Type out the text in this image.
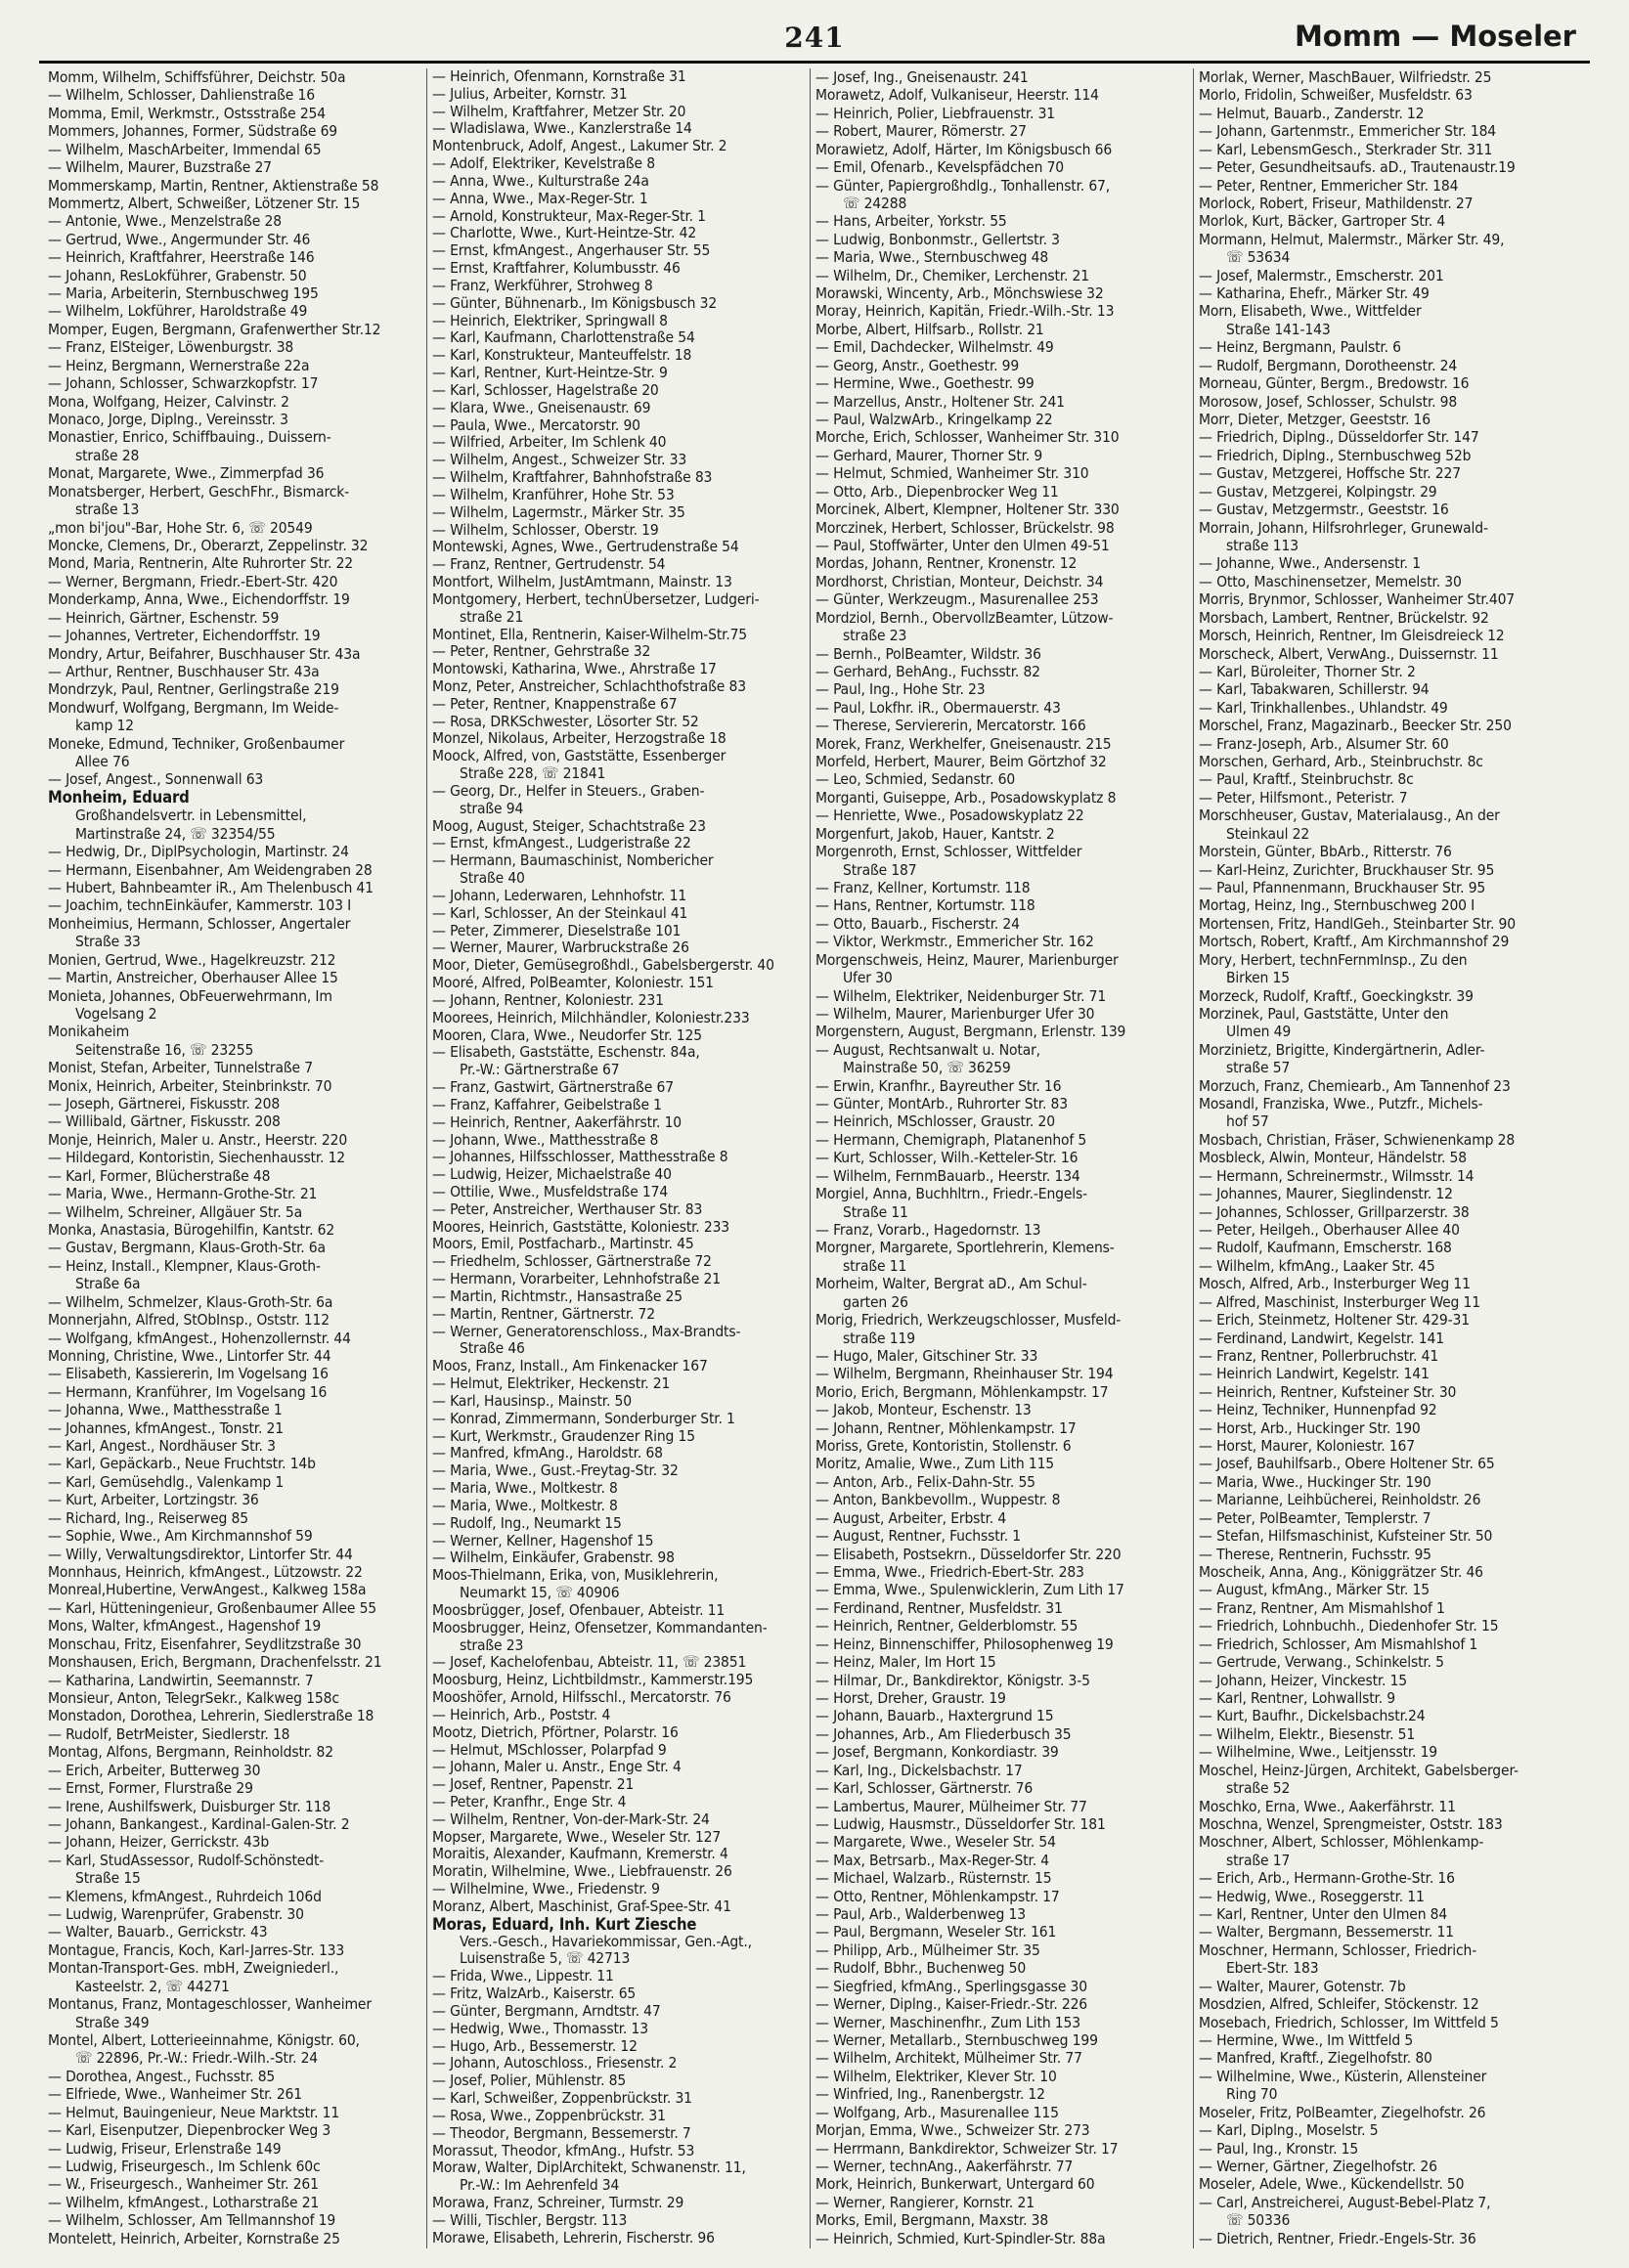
241	Momm — Moseler
Momm, Wilhelm, Schiffsführer, Deichstr. 50a
— Wilhelm, Schlosser, Dahlienstraße 16
Momma, Emil, Werkmstr., Ostsstraße 254
Mommers, Johannes, Former, Südstraße 69
— Wilhelm, MaschArbeiter, Immendal 65
— Wilhelm, Maurer, Buzstraße 27
Mommerskamp, Martin, Rentner, Aktienstraße 58
Mommertz, Albert, Schweißer, Lötzener Str. 15
— Antonie, Wwe., Menzelstraße 28
— Gertrud, Wwe., Angermunder Str. 46
— Heinrich, Kraftfahrer, Heerstraße 146
— Johann, ResLokführer, Grabenstr. 50
— Maria, Arbeiterin, Sternbuschweg 195
— Wilhelm, Lokführer, Haroldstraße 49
Momper, Eugen, Bergmann, Grafenwerther Str.12
— Franz, ElSteiger, Löwenburgstr. 38
— Heinz, Bergmann, Wernerstraße 22a
— Johann, Schlosser, Schwarzkopfstr. 17
Mona, Wolfgang, Heizer, Calvinstr. 2
Monaco, Jorge, Diplng., Vereinsstr. 3
Monastier, Enrico, Schiffbauing., Duissern-
straße 28
Monat, Margarete, Wwe., Zimmerpfad 36
Monatsberger, Herbert, GeschFhr., Bismarck-
straße 13
„mon bi'jou"-Bar, Hohe Str. 6, ☏ 20549
Moncke, Clemens, Dr., Oberarzt, Zeppelinstr. 32
Mond, Maria, Rentnerin, Alte Ruhrorter Str. 22
— Werner, Bergmann, Friedr.-Ebert-Str. 420
Monderkamp, Anna, Wwe., Eichendorffstr. 19
— Heinrich, Gärtner, Eschenstr. 59
— Johannes, Vertreter, Eichendorffstr. 19
Mondry, Artur, Beifahrer, Buschhauser Str. 43a
— Arthur, Rentner, Buschhauser Str. 43a
Mondrzyk, Paul, Rentner, Gerlingstraße 219
Mondwurf, Wolfgang, Bergmann, Im Weide-
kamp 12
Moneke, Edmund, Techniker, Großenbaumer
Allee 76
— Josef, Angest., Sonnenwall 63
Monheim, Eduard
Großhandelsvertr. in Lebensmittel,
Martinstraße 24, ☏ 32354/55
— Hedwig, Dr., DiplPsychologin, Martinstr. 24
— Hermann, Eisenbahner, Am Weidengraben 28
— Hubert, Bahnbeamter iR., Am Thelenbusch 41
— Joachim, technEinkäufer, Kammerstr. 103 I
Monheimius, Hermann, Schlosser, Angertaler
Straße 33
Monien, Gertrud, Wwe., Hagelkreuzstr. 212
— Martin, Anstreicher, Oberhauser Allee 15
Monieta, Johannes, ObFeuerwehrmann, Im
Vogelsang 2
Monikaheim
Seitenstraße 16, ☏ 23255
Monist, Stefan, Arbeiter, Tunnelstraße 7
Monix, Heinrich, Arbeiter, Steinbrinkstr. 70
— Joseph, Gärtnerei, Fiskusstr. 208
— Willibald, Gärtner, Fiskusstr. 208
Monje, Heinrich, Maler u. Anstr., Heerstr. 220
— Hildegard, Kontoristin, Siechenhausstr. 12
— Karl, Former, Blücherstraße 48
— Maria, Wwe., Hermann-Grothe-Str. 21
— Wilhelm, Schreiner, Allgäuer Str. 5a
Monka, Anastasia, Bürogehilfin, Kantstr. 62
— Gustav, Bergmann, Klaus-Groth-Str. 6a
— Heinz, Install., Klempner, Klaus-Groth-
Straße 6a
— Wilhelm, Schmelzer, Klaus-Groth-Str. 6a
Monnerjahn, Alfred, StObInsp., Oststr. 112
— Wolfgang, kfmAngest., Hohenzollernstr. 44
Monning, Christine, Wwe., Lintorfer Str. 44
— Elisabeth, Kassiererin, Im Vogelsang 16
— Hermann, Kranführer, Im Vogelsang 16
— Johanna, Wwe., Matthesstraße 1
— Johannes, kfmAngest., Tonstr. 21
— Karl, Angest., Nordhäuser Str. 3
— Karl, Gepäckarb., Neue Fruchtstr. 14b
— Karl, Gemüsehdlg., Valenkamp 1
— Kurt, Arbeiter, Lortzingstr. 36
— Richard, Ing., Reiserweg 85
— Sophie, Wwe., Am Kirchmannshof 59
— Willy, Verwaltungsdirektor, Lintorfer Str. 44
Monnhaus, Heinrich, kfmAngest., Lützowstr. 22
Monreal,Hubertine, VerwAngest., Kalkweg 158a
— Karl, Hütteningenieur, Großenbaumer Allee 55
Mons, Walter, kfmAngest., Hagenshof 19
Monschau, Fritz, Eisenfahrer, Seydlitzstraße 30
Monshausen, Erich, Bergmann, Drachenfelsstr. 21
— Katharina, Landwirtin, Seemannstr. 7
Monsieur, Anton, TelegrSekr., Kalkweg 158c
Monstadon, Dorothea, Lehrerin, Siedlerstraße 18
— Rudolf, BetrMeister, Siedlerstr. 18
Montag, Alfons, Bergmann, Reinholdstr. 82
— Erich, Arbeiter, Butterweg 30
— Ernst, Former, Flurstraße 29
— Irene, Aushilfswerk, Duisburger Str. 118
— Johann, Bankangest., Kardinal-Galen-Str. 2
— Johann, Heizer, Gerrickstr. 43b
— Karl, StudAssessor, Rudolf-Schönstedt-
Straße 15
— Klemens, kfmAngest., Ruhrdeich 106d
— Ludwig, Warenprüfer, Grabenstr. 30
— Walter, Bauarb., Gerrickstr. 43
Montague, Francis, Koch, Karl-Jarres-Str. 133
Montan-Transport-Ges. mbH, Zweigniederl.,
Kasteelstr. 2, ☏ 44271
Montanus, Franz, Montageschlosser, Wanheimer
Straße 349
Montel, Albert, Lotterieeinnahme, Königstr. 60,
☏ 22896, Pr.-W.: Friedr.-Wilh.-Str. 24
— Dorothea, Angest., Fuchsstr. 85
— Elfriede, Wwe., Wanheimer Str. 261
— Helmut, Bauingenieur, Neue Marktstr. 11
— Karl, Eisenputzer, Diepenbrocker Weg 3
— Ludwig, Friseur, Erlenstraße 149
— Ludwig, Friseurgesch., Im Schlenk 60c
— W., Friseurgesch., Wanheimer Str. 261
— Wilhelm, kfmAngest., Lotharstraße 21
— Wilhelm, Schlosser, Am Tellmannshof 19
Montelett, Heinrich, Arbeiter, Kornstraße 25
— Heinrich, Ofenmann, Kornstraße 31
— Julius, Arbeiter, Kornstr. 31
— Wilhelm, Kraftfahrer, Metzer Str. 20
— Wladislawa, Wwe., Kanzlerstraße 14
Montenbruck, Adolf, Angest., Lakumer Str. 2
— Adolf, Elektriker, Kevelstraße 8
— Anna, Wwe., Kulturstraße 24a
— Anna, Wwe., Max-Reger-Str. 1
— Arnold, Konstrukteur, Max-Reger-Str. 1
— Charlotte, Wwe., Kurt-Heintze-Str. 42
— Ernst, kfmAngest., Angerhauser Str. 55
— Ernst, Kraftfahrer, Kolumbusstr. 46
— Franz, Werkführer, Strohweg 8
— Günter, Bühnenarb., Im Königsbusch 32
— Heinrich, Elektriker, Springwall 8
— Karl, Kaufmann, Charlottenstraße 54
— Karl, Konstrukteur, Manteuffelstr. 18
— Karl, Rentner, Kurt-Heintze-Str. 9
— Karl, Schlosser, Hagelstraße 20
— Klara, Wwe., Gneisenaustr. 69
— Paula, Wwe., Mercatorstr. 90
— Wilfried, Arbeiter, Im Schlenk 40
— Wilhelm, Angest., Schweizer Str. 33
— Wilhelm, Kraftfahrer, Bahnhofstraße 83
— Wilhelm, Kranführer, Hohe Str. 53
— Wilhelm, Lagermstr., Märker Str. 35
— Wilhelm, Schlosser, Oberstr. 19
Montewski, Agnes, Wwe., Gertrudenstraße 54
— Franz, Rentner, Gertrudenstr. 54
Montfort, Wilhelm, JustAmtmann, Mainstr. 13
Montgomery, Herbert, technÜbersetzer, Ludgeri-
straße 21
Montinet, Ella, Rentnerin, Kaiser-Wilhelm-Str.75
— Peter, Rentner, Gehrstraße 32
Montowski, Katharina, Wwe., Ahrstraße 17
Monz, Peter, Anstreicher, Schlachthofstraße 83
— Peter, Rentner, Knappenstraße 67
— Rosa, DRKSchwester, Lösorter Str. 52
Monzel, Nikolaus, Arbeiter, Herzogstraße 18
Moock, Alfred, von, Gaststätte, Essenberger
Straße 228, ☏ 21841
— Georg, Dr., Helfer in Steuers., Graben-
straße 94
Moog, August, Steiger, Schachtstraße 23
— Ernst, kfmAngest., Ludgeristraße 22
— Hermann, Baumaschinist, Nombericher
Straße 40
— Johann, Lederwaren, Lehnhofstr. 11
— Karl, Schlosser, An der Steinkaul 41
— Peter, Zimmerer, Dieselstraße 101
— Werner, Maurer, Warbruckstraße 26
Moor, Dieter, Gemüsegroßhdl., Gabelsbergerstr. 40
Mooré, Alfred, PolBeamter, Koloniestr. 151
— Johann, Rentner, Koloniestr. 231
Moorees, Heinrich, Milchhändler, Koloniestr.233
Mooren, Clara, Wwe., Neudorfer Str. 125
— Elisabeth, Gaststätte, Eschenstr. 84a,
Pr.-W.: Gärtnerstraße 67
— Franz, Gastwirt, Gärtnerstraße 67
— Franz, Kaffahrer, Geibelstraße 1
— Heinrich, Rentner, Aakerfährstr. 10
— Johann, Wwe., Matthesstraße 8
— Johannes, Hilfsschlosser, Matthesstraße 8
— Ludwig, Heizer, Michaelstraße 40
— Ottilie, Wwe., Musfeldstraße 174
— Peter, Anstreicher, Werthauser Str. 83
Moores, Heinrich, Gaststätte, Koloniestr. 233
Moors, Emil, Postfacharb., Martinstr. 45
— Friedhelm, Schlosser, Gärtnerstraße 72
— Hermann, Vorarbeiter, Lehnhofstraße 21
— Martin, Richtmstr., Hansastraße 25
— Martin, Rentner, Gärtnerstr. 72
— Werner, Generatorenschloss., Max-Brandts-
Straße 46
Moos, Franz, Install., Am Finkenacker 167
— Helmut, Elektriker, Heckenstr. 21
— Karl, Hausinsp., Mainstr. 50
— Konrad, Zimmermann, Sonderburger Str. 1
— Kurt, Werkmstr., Graudenzer Ring 15
— Manfred, kfmAng., Haroldstr. 68
— Maria, Wwe., Gust.-Freytag-Str. 32
— Maria, Wwe., Moltkestr. 8
— Maria, Wwe., Moltkestr. 8
— Rudolf, Ing., Neumarkt 15
— Werner, Kellner, Hagenshof 15
— Wilhelm, Einkäufer, Grabenstr. 98
Moos-Thielmann, Erika, von, Musiklehrerin,
Neumarkt 15, ☏ 40906
Moosbrügger, Josef, Ofenbauer, Abteistr. 11
Moosbrugger, Heinz, Ofensetzer, Kommandanten-
straße 23
— Josef, Kachelofenbau, Abteistr. 11, ☏ 23851
Moosburg, Heinz, Lichtbildmstr., Kammerstr.195
Mooshöfer, Arnold, Hilfsschl., Mercatorstr. 76
— Heinrich, Arb., Poststr. 4
Mootz, Dietrich, Pförtner, Polarstr. 16
— Helmut, MSchlosser, Polarpfad 9
— Johann, Maler u. Anstr., Enge Str. 4
— Josef, Rentner, Papenstr. 21
— Peter, Kranfhr., Enge Str. 4
— Wilhelm, Rentner, Von-der-Mark-Str. 24
Mopser, Margarete, Wwe., Weseler Str. 127
Moraitis, Alexander, Kaufmann, Kremerstr. 4
Moratin, Wilhelmine, Wwe., Liebfrauenstr. 26
— Wilhelmine, Wwe., Friedenstr. 9
Moranz, Albert, Maschinist, Graf-Spee-Str. 41
Moras, Eduard, Inh. Kurt Ziesche
Vers.-Gesch., Havariekommissar, Gen.-Agt.,
Luisenstraße 5, ☏ 42713
— Frida, Wwe., Lippestr. 11
— Fritz, WalzArb., Kaiserstr. 65
— Günter, Bergmann, Arndtstr. 47
— Hedwig, Wwe., Thomasstr. 13
— Hugo, Arb., Bessemerstr. 12
— Johann, Autoschloss., Friesenstr. 2
— Josef, Polier, Mühlenstr. 85
— Karl, Schweißer, Zoppenbrückstr. 31
— Rosa, Wwe., Zoppenbrückstr. 31
— Theodor, Bergmann, Bessemerstr. 7
Morassut, Theodor, kfmAng., Hufstr. 53
Moraw, Walter, DiplArchitekt, Schwanenstr. 11,
Pr.-W.: Im Aehrenfeld 34
Morawa, Franz, Schreiner, Turmstr. 29
— Willi, Tischler, Bergstr. 113
Morawe, Elisabeth, Lehrerin, Fischerstr. 96
— Josef, Ing., Gneisenaustr. 241
Morawetz, Adolf, Vulkaniseur, Heerstr. 114
— Heinrich, Polier, Liebfrauenstr. 31
— Robert, Maurer, Römerstr. 27
Morawietz, Adolf, Härter, Im Königsbusch 66
— Emil, Ofenarb., Kevelspfädchen 70
— Günter, Papiergroßhdlg., Tonhallenstr. 67,
☏ 24288
— Hans, Arbeiter, Yorkstr. 55
— Ludwig, Bonbonmstr., Gellertstr. 3
— Maria, Wwe., Sternbuschweg 48
— Wilhelm, Dr., Chemiker, Lerchenstr. 21
Morawski, Wincenty, Arb., Mönchswiese 32
Moray, Heinrich, Kapitän, Friedr.-Wilh.-Str. 13
Morbe, Albert, Hilfsarb., Rollstr. 21
— Emil, Dachdecker, Wilhelmstr. 49
— Georg, Anstr., Goethestr. 99
— Hermine, Wwe., Goethestr. 99
— Marzellus, Anstr., Holtener Str. 241
— Paul, WalzwArb., Kringelkamp 22
Morche, Erich, Schlosser, Wanheimer Str. 310
— Gerhard, Maurer, Thorner Str. 9
— Helmut, Schmied, Wanheimer Str. 310
— Otto, Arb., Diepenbrocker Weg 11
Morcinek, Albert, Klempner, Holtener Str. 330
Morczinek, Herbert, Schlosser, Brückelstr. 98
— Paul, Stoffwärter, Unter den Ulmen 49-51
Mordas, Johann, Rentner, Kronenstr. 12
Mordhorst, Christian, Montеur, Deichstr. 34
— Günter, Werkzeugm., Masurenallee 253
Mordziol, Bernh., ObervollzBeamter, Lützow-
straße 23
— Bernh., PolBeamter, Wildstr. 36
— Gerhard, BehAng., Fuchsstr. 82
— Paul, Ing., Hohe Str. 23
— Paul, Lokfhr. iR., Obermauerstr. 43
— Therese, Serviererin, Mercatorstr. 166
Morek, Franz, Werkhelfer, Gneisenaustr. 215
Morfeld, Herbert, Maurer, Beim Görtzhof 32
— Leo, Schmied, Sedanstr. 60
Morganti, Guiseppe, Arb., Posadowskyplatz 8
— Henriette, Wwe., Posadowskyplatz 22
Morgenfurt, Jakob, Hauer, Kantstr. 2
Morgenroth, Ernst, Schlosser, Wittfelder
Straße 187
— Franz, Kellner, Kortumstr. 118
— Hans, Rentner, Kortumstr. 118
— Otto, Bauarb., Fischerstr. 24
— Viktor, Werkmstr., Emmericher Str. 162
Morgenschweis, Heinz, Maurer, Marienburger
Ufer 30
— Wilhelm, Elektriker, Neidenburger Str. 71
— Wilhelm, Maurer, Marienburger Ufer 30
Morgenstern, August, Bergmann, Erlenstr. 139
— August, Rechtsanwalt u. Notar,
Mainstraße 50, ☏ 36259
— Erwin, Kranfhr., Bayreuther Str. 16
— Günter, MontArb., Ruhrorter Str. 83
— Heinrich, MSchlosser, Graustr. 20
— Hermann, Chemigraph, Platanenhof 5
— Kurt, Schlosser, Wilh.-Ketteler-Str. 16
— Wilhelm, FernmBauarb., Heerstr. 134
Morgiel, Anna, Buchhltrn., Friedr.-Engels-
Straße 11
— Franz, Vorarb., Hagedornstr. 13
Morgner, Margarete, Sportlehrerin, Klemens-
straße 11
Morheim, Walter, Bergrat aD., Am Schul-
garten 26
Morig, Friedrich, Werkzeugschlosser, Musfeld-
straße 119
— Hugo, Maler, Gitschiner Str. 33
— Wilhelm, Bergmann, Rheinhauser Str. 194
Morio, Erich, Bergmann, Möhlenkampstr. 17
— Jakob, Monteur, Eschenstr. 13
— Johann, Rentner, Möhlenkampstr. 17
Moriss, Grete, Kontoristin, Stollenstr. 6
Moritz, Amalie, Wwe., Zum Lith 115
— Anton, Arb., Felix-Dahn-Str. 55
— Anton, Bankbevollm., Wuppestr. 8
— August, Arbeiter, Erbstr. 4
— August, Rentner, Fuchsstr. 1
— Elisabeth, Postsekrn., Düsseldorfer Str. 220
— Emma, Wwe., Friedrich-Ebert-Str. 283
— Emma, Wwe., Spulenwicklerin, Zum Lith 17
— Ferdinand, Rentner, Musfeldstr. 31
— Heinrich, Rentner, Gelderblomstr. 55
— Heinz, Binnenschiffer, Philosophenweg 19
— Heinz, Maler, Im Hort 15
— Hilmar, Dr., Bankdirektor, Königstr. 3-5
— Horst, Dreher, Graustr. 19
— Johann, Bauarb., Haxtergrund 15
— Johannes, Arb., Am Fliederbusch 35
— Josef, Bergmann, Konkordiastr. 39
— Karl, Ing., Dickelsbachstr. 17
— Karl, Schlosser, Gärtnerstr. 76
— Lambertus, Maurer, Mülheimer Str. 77
— Ludwig, Hausmstr., Düsseldorfer Str. 181
— Margarete, Wwe., Weseler Str. 54
— Max, Betrsarb., Max-Reger-Str. 4
— Michael, Walzarb., Rüsternstr. 15
— Otto, Rentner, Möhlenkampstr. 17
— Paul, Arb., Walderbenweg 13
— Paul, Bergmann, Weseler Str. 161
— Philipp, Arb., Mülheimer Str. 35
— Rudolf, Bbhr., Buchenweg 50
— Siegfried, kfmAng., Sperlingsgasse 30
— Werner, Diplng., Kaiser-Friedr.-Str. 226
— Werner, Maschinenfhr., Zum Lith 153
— Werner, Metallarb., Sternbuschweg 199
— Wilhelm, Architekt, Mülheimer Str. 77
— Wilhelm, Elektriker, Klever Str. 10
— Winfried, Ing., Ranenbergstr. 12
— Wolfgang, Arb., Masurenallee 115
Morjan, Emma, Wwe., Schweizer Str. 273
— Herrmann, Bankdirektor, Schweizer Str. 17
— Werner, technAng., Aakerfährstr. 77
Mork, Heinrich, Bunkerwart, Untergard 60
— Werner, Rangierer, Kornstr. 21
Morks, Emil, Bergmann, Maxstr. 38
— Heinrich, Schmied, Kurt-Spindler-Str. 88a
Morlak, Werner, MaschBauer, Wilfriedstr. 25
Morlo, Fridolin, Schweißer, Musfeldstr. 63
— Helmut, Bauarb., Zanderstr. 12
— Johann, Gartenmstr., Emmericher Str. 184
— Karl, LebensmGesch., Sterkrader Str. 311
— Peter, Gesundheitsaufs. aD., Trautenaustr.19
— Peter, Rentner, Emmericher Str. 184
Morlock, Robert, Friseur, Mathildenstr. 27
Morlok, Kurt, Bäcker, Gartroper Str. 4
Mormann, Helmut, Malermstr., Märker Str. 49,
☏ 53634
— Josef, Malermstr., Emscherstr. 201
— Katharina, Ehefr., Märker Str. 49
Morn, Elisabeth, Wwe., Wittfelder
Straße 141-143
— Heinz, Bergmann, Paulstr. 6
— Rudolf, Bergmann, Dorotheenstr. 24
Morneau, Günter, Bergm., Bredowstr. 16
Morosow, Josef, Schlosser, Schulstr. 98
Morr, Dieter, Metzger, Geeststr. 16
— Friedrich, Diplng., Düsseldorfer Str. 147
— Friedrich, Diplng., Sternbuschweg 52b
— Gustav, Metzgerei, Hoffsche Str. 227
— Gustav, Metzgerei, Kolpingstr. 29
— Gustav, Metzgermstr., Geeststr. 16
Morrain, Johann, Hilfsrohrleger, Grunewald-
straße 113
— Johanne, Wwe., Andersenstr. 1
— Otto, Maschinensetzer, Memelstr. 30
Morris, Brynmor, Schlosser, Wanheimer Str.407
Morsbach, Lambert, Rentner, Brückelstr. 92
Morsch, Heinrich, Rentner, Im Gleisdreieck 12
Morscheck, Albert, VerwAng., Duissernstr. 11
— Karl, Büroleiter, Thorner Str. 2
— Karl, Tabakwaren, Schillerstr. 94
— Karl, Trinkhallenbes., Uhlandstr. 49
Morschel, Franz, Magazinarb., Beecker Str. 250
— Franz-Joseph, Arb., Alsumer Str. 60
Morschen, Gerhard, Arb., Steinbruchstr. 8c
— Paul, Kraftf., Steinbruchstr. 8c
— Peter, Hilfsmont., Peteristr. 7
Morschheuser, Gustav, Materialausg., An der
Steinkaul 22
Morstein, Günter, BbArb., Ritterstr. 76
— Karl-Heinz, Zurichter, Bruckhauser Str. 95
— Paul, Pfannenmann, Bruckhauser Str. 95
Mortag, Heinz, Ing., Sternbuschweg 200 I
Mortensen, Fritz, HandlGeh., Steinbarter Str. 90
Mortsch, Robert, Kraftf., Am Kirchmannshof 29
Mory, Herbert, technFernmInsp., Zu den
Birken 15
Morzeck, Rudolf, Kraftf., Goeckingkstr. 39
Morzinek, Paul, Gaststätte, Unter den
Ulmen 49
Morzinietz, Brigitte, Kindergärtnerin, Adler-
straße 57
Morzuch, Franz, Chemiearb., Am Tannenhof 23
Mosandl, Franziska, Wwe., Putzfr., Michels-
hof 57
Mosbach, Christian, Fräser, Schwienenkamp 28
Mosbleck, Alwin, Monteur, Händelstr. 58
— Hermann, Schreinermstr., Wilmsstr. 14
— Johannes, Maurer, Sieglindenstr. 12
— Johannes, Schlosser, Grillparzerstr. 38
— Peter, Heilgeh., Oberhauser Allee 40
— Rudolf, Kaufmann, Emscherstr. 168
— Wilhelm, kfmAng., Laaker Str. 45
Mosch, Alfred, Arb., Insterburger Weg 11
— Alfred, Maschinist, Insterburger Weg 11
— Erich, Steinmetz, Holtener Str. 429-31
— Ferdinand, Landwirt, Kegelstr. 141
— Franz, Rentner, Pollerbruchstr. 41
— Heinrich Landwirt, Kegelstr. 141
— Heinrich, Rentner, Kufsteiner Str. 30
— Heinz, Techniker, Hunnenpfad 92
— Horst, Arb., Huckinger Str. 190
— Horst, Maurer, Koloniestr. 167
— Josef, Bauhilfsarb., Obere Holtener Str. 65
— Maria, Wwe., Huckinger Str. 190
— Marianne, Leihbücherei, Reinholdstr. 26
— Peter, PolBeamter, Templerstr. 7
— Stefan, Hilfsmaschinist, Kufsteiner Str. 50
— Therese, Rentnerin, Fuchsstr. 95
Moscheik, Anna, Ang., Königgrätzer Str. 46
— August, kfmAng., Märker Str. 15
— Franz, Rentner, Am Mismahlshof 1
— Friedrich, Lohnbuchh., Diedenhofer Str. 15
— Friedrich, Schlosser, Am Mismahlshof 1
— Gertrude, Verwang., Schinkelstr. 5
— Johann, Heizer, Vinckestr. 15
— Karl, Rentner, Lohwallstr. 9
— Kurt, Baufhr., Dickelsbachstr.24
— Wilhelm, Elektr., Biesenstr. 51
— Wilhelmine, Wwe., Leitjensstr. 19
Moschel, Heinz-Jürgen, Architekt, Gabelsberger-
straße 52
Moschko, Erna, Wwe., Aakerfährstr. 11
Moschna, Wenzel, Sprengmeister, Oststr. 183
Moschner, Albert, Schlosser, Möhlenkamp-
straße 17
— Erich, Arb., Hermann-Grothe-Str. 16
— Hedwig, Wwe., Roseggerstr. 11
— Karl, Rentner, Unter den Ulmen 84
— Walter, Bergmann, Bessemerstr. 11
Moschner, Hermann, Schlosser, Friedrich-
Ebert-Str. 183
— Walter, Maurer, Gotenstr. 7b
Mosdzien, Alfred, Schleifer, Stöckenstr. 12
Mosebach, Friedrich, Schlosser, Im Wittfeld 5
— Hermine, Wwe., Im Wittfeld 5
— Manfred, Kraftf., Ziegelhofstr. 80
— Wilhelmine, Wwe., Küsterin, Allensteiner
Ring 70
Moseler, Fritz, PolBeamter, Ziegelhofstr. 26
— Karl, Diplng., Moselstr. 5
— Paul, Ing., Kronstr. 15
— Werner, Gärtner, Ziegelhofstr. 26
Moseler, Adele, Wwe., Kückendellstr. 50
— Carl, Anstreicherei, August-Bebel-Platz 7,
☏ 50336
— Dietrich, Rentner, Friedr.-Engels-Str. 36
